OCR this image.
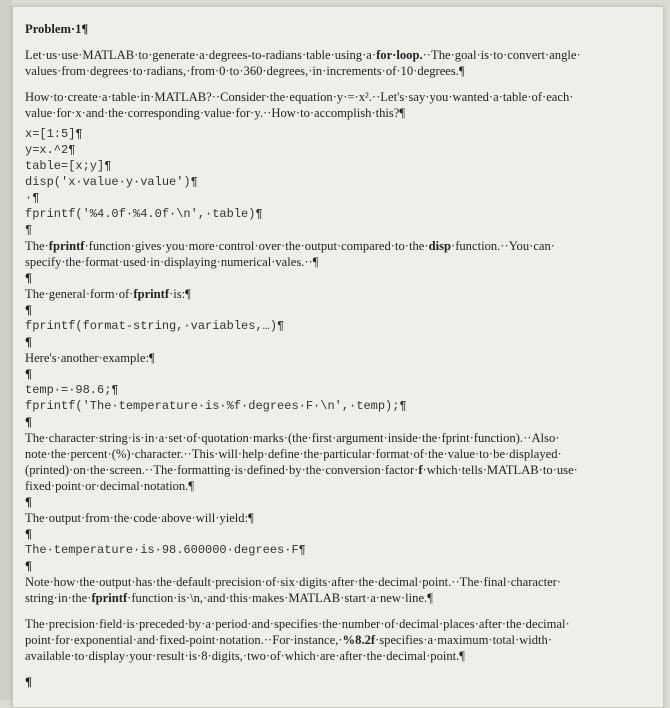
Problem·1¶
Let·us·use·MATLAB·to·generate·a·degrees-to-radians·table·using·a·for·loop.··The·goal·is·to·convert·angle·
values·from·degrees·to·radians,·from·0·to·360·degrees,·in·increments·of·10·degrees.¶
How·to·create·a·table·in·MATLAB?··Consider·the·equation·y·=·x².··Let's·say·you·wanted·a·table·of·each·
value·for·x·and·the·corresponding·value·for·y.··How·to·accomplish·this?¶
x=[1:5]¶
y=x.^2¶
table=[x;y]¶
disp('x·value·y·value')¶
·¶
fprintf('%4.0f·%4.0f·\n',·table)¶
¶
The·fprintf·function·gives·you·more·control·over·the·output·compared·to·the·disp·function.··You·can·
specify·the·format·used·in·displaying·numerical·vales.··¶
¶
The·general·form·of·fprintf·is:¶
¶
fprintf(format-string,·variables,…)¶
¶
Here's·another·example:¶
¶
temp·=·98.6;¶
fprintf('The·temperature·is·%f·degrees·F·\n',·temp);¶
¶
The·character·string·is·in·a·set·of·quotation·marks·(the·first·argument·inside·the·fprint·function).··Also·
note·the·percent·(%)·character.··This·will·help·define·the·particular·format·of·the·value·to·be·displayed·
(printed)·on·the·screen.··The·formatting·is·defined·by·the·conversion·factor·f·which·tells·MATLAB·to·use·
fixed·point·or·decimal·notation.¶
¶
The·output·from·the·code·above·will·yield:¶
¶
The·temperature·is·98.600000·degrees·F¶
¶
Note·how·the·output·has·the·default·precision·of·six·digits·after·the·decimal·point.··The·final·character·
string·in·the·fprintf·function·is·\n,·and·this·makes·MATLAB·start·a·new·line.¶
The·precision·field·is·preceded·by·a·period·and·specifies·the·number·of·decimal·places·after·the·decimal·
point·for·exponential·and·fixed-point·notation.··For·instance,·%8.2f·specifies·a·maximum·total·width·
available·to·display·your·result·is·8·digits,·two·of·which·are·after·the·decimal·point.¶
¶
